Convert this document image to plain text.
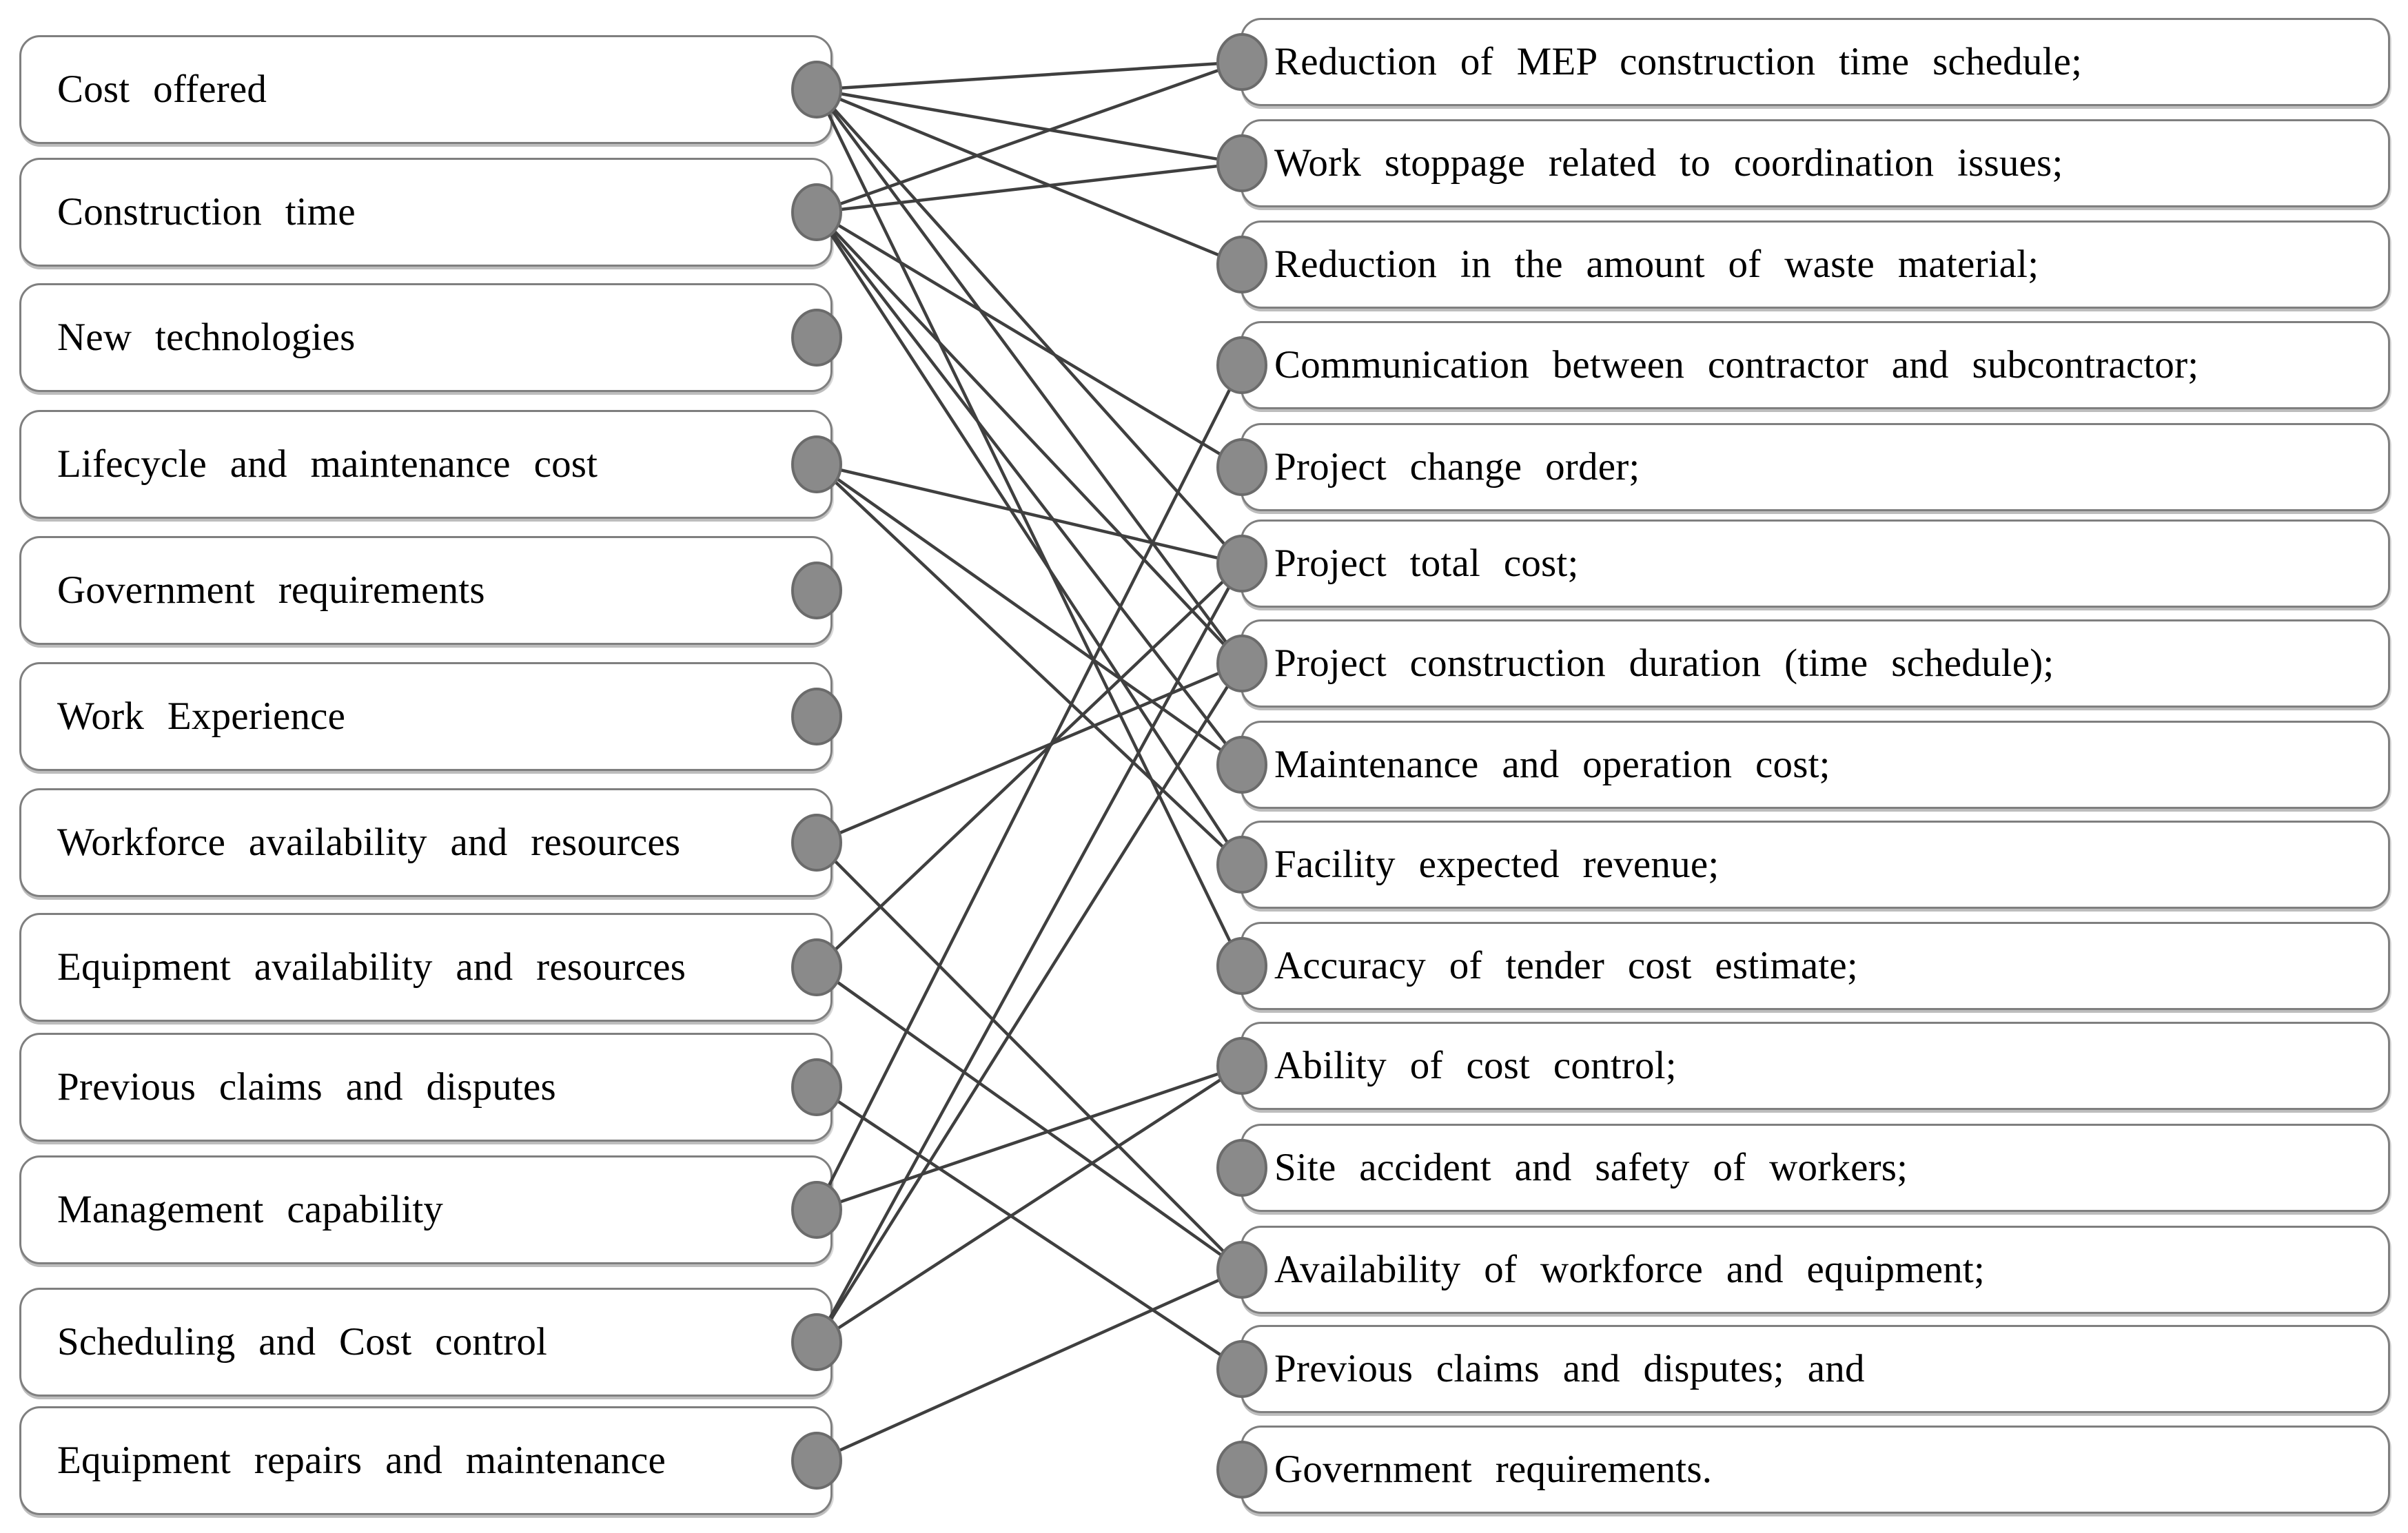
Cost offered
Construction time
New technologies
Lifecycle and maintenance cost
Government requirements
Work Experience
Workforce availability and resources
Equipment availability and resources
Previous claims and disputes
Management capability
Scheduling and Cost control
Equipment repairs and maintenance
Reduction of MEP construction time schedule;
Work stoppage related to coordination issues;
Reduction in the amount of waste material;
Communication between contractor and subcontractor;
Project change order;
Project total cost;
Project construction duration (time schedule);
Maintenance and operation cost;
Facility expected revenue;
Accuracy of tender cost estimate;
Ability of cost control;
Site accident and safety of workers;
Availability of workforce and equipment;
Previous claims and disputes; and
Government requirements.
